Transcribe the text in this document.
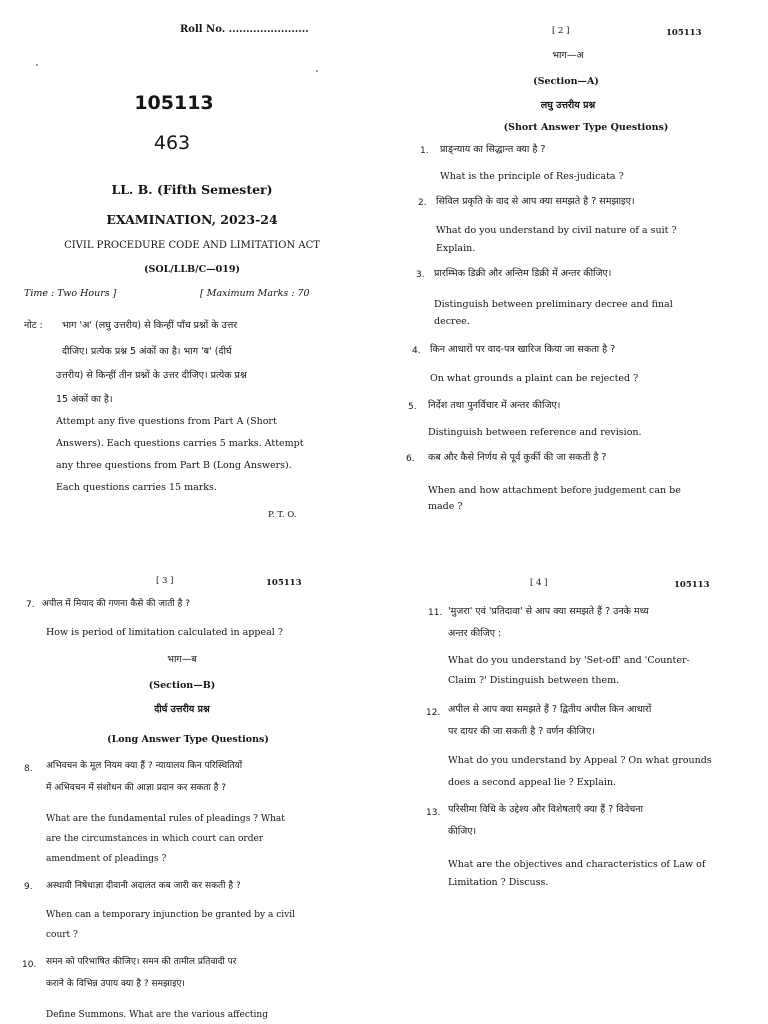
Roll No. .......................
105113
463
LL. B. (Fifth Semester)
EXAMINATION, 2023-24
CIVIL PROCEDURE CODE AND LIMITATION ACT
(SOL/LLB/C—019)
Time : Two Hours ]	[ Maximum Marks : 70
नोट : भाग 'अ' (लघु उत्तरीय) से किन्हीं पाँच प्रश्नों के उत्तर
दीजिए। प्रत्येक प्रश्न 5 अंकों का है। भाग 'ब' (दीर्घ
उत्तरीय) से किन्हीं तीन प्रश्नों के उत्तर दीजिए। प्रत्येक प्रश्न
15 अंकों का है।
Attempt any five questions from Part A (Short
Answers). Each questions carries 5 marks. Attempt
any three questions from Part B (Long Answers).
Each questions carries 15 marks.
P. T. O.
[ 2 ]	105113
भाग—अ
(Section—A)
लघु उत्तरीय प्रश्न
(Short Answer Type Questions)
1. प्राङ्न्याय का सिद्धान्त क्या है ?
What is the principle of Res-judicata ?
2. सिविल प्रकृति के वाद से आप क्या समझते है ? समझाइए।
What do you understand by civil nature of a suit ?
Explain.
3. प्रारम्भिक डिक्री और अन्तिम डिक्री में अन्तर कीजिए।
Distinguish between preliminary decree and final
decree.
4. किन आधारों पर वाद-पत्र खारिज किया जा सकता है ?
On what grounds a plaint can be rejected ?
5. निर्देश तथा पुनर्विचार में अन्तर कीजिए।
Distinguish between reference and revision.
6. कब और कैसे निर्णय से पूर्व कुर्की की जा सकती है ?
When and how attachment before judgement can be
made ?
[ 3 ]	105113
7. अपील में मियाद की गणना कैसे की जाती है ?
How is period of limitation calculated in appeal ?
भाग—ब
(Section—B)
दीर्घ उत्तरीय प्रश्न
(Long Answer Type Questions)
8. अभिवचन के मूल नियम क्या हैं ? न्यायालय किन परिस्थितियों
में अभिवचन में संशोधन की आज्ञा प्रदान कर सकता है ?
What are the fundamental rules of pleadings ? What
are the circumstances in which court can order
amendment of pleadings ?
9. अस्थायी निषेधाज्ञा दीवानी अदालत कब जारी कर सकती है ?
When can a temporary injunction be granted by a civil
court ?
10. समन को परिभाषित कीजिए। समन की तामील प्रतिवादी पर
कराने के विभिन्न उपाय क्या है ? समझाइए।
Define Summons. What are the various affecting
[ 4 ]	105113
11. 'मुजरा' एवं 'प्रतिदावा' से आप क्या समझते हैं ? उनके मध्य
अन्तर कीजिए :
What do you understand by 'Set-off' and 'Counter-
Claim ?' Distinguish between them.
12. अपील से आप क्या समझते हैं ? द्वितीय अपील किन आधारों
पर दायर की जा सकती है ? वर्णन कीजिए।
What do you understand by Appeal ? On what grounds
does a second appeal lie ? Explain.
13. परिसीमा विधि के उद्देश्य और विशेषताएँ क्या हैं ? विवेचना
कीजिए।
What are the objectives and characteristics of Law of
Limitation ? Discuss.
